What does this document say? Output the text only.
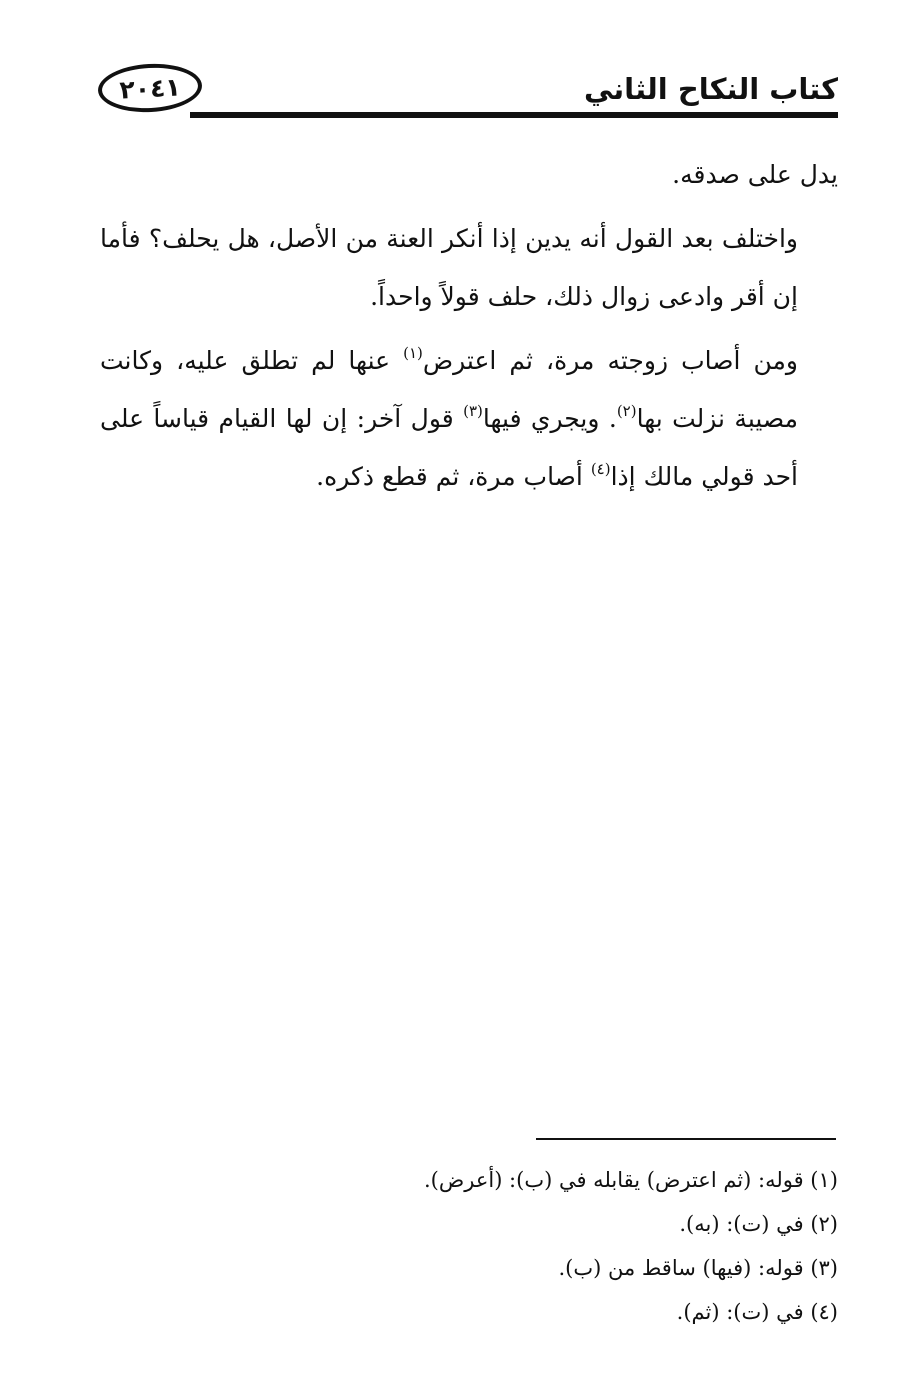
كتاب النكاح الثاني
٢٠٤١

يدل على صدقه.

واختلف بعد القول أنه يدين إذا أنكر العنة من الأصل، هل يحلف؟ فأما إن أقر وادعى زوال ذلك، حلف قولاً واحداً.

ومن أصاب زوجته مرة، ثم اعترض$^{(١)}$ عنها لم تطلق عليه، وكانت مصيبة نزلت بها$^{(٢)}$. ويجري فيها$^{(٣)}$ قول آخر: إن لها القيام قياساً على أحد قولي مالك إذا$^{(٤)}$ أصاب مرة، ثم قطع ذكره.

(١) قوله: (ثم اعترض) يقابله في (ب): (أعرض).
(٢) في (ت): (به).
(٣) قوله: (فيها) ساقط من (ب).
(٤) في (ت): (ثم).
